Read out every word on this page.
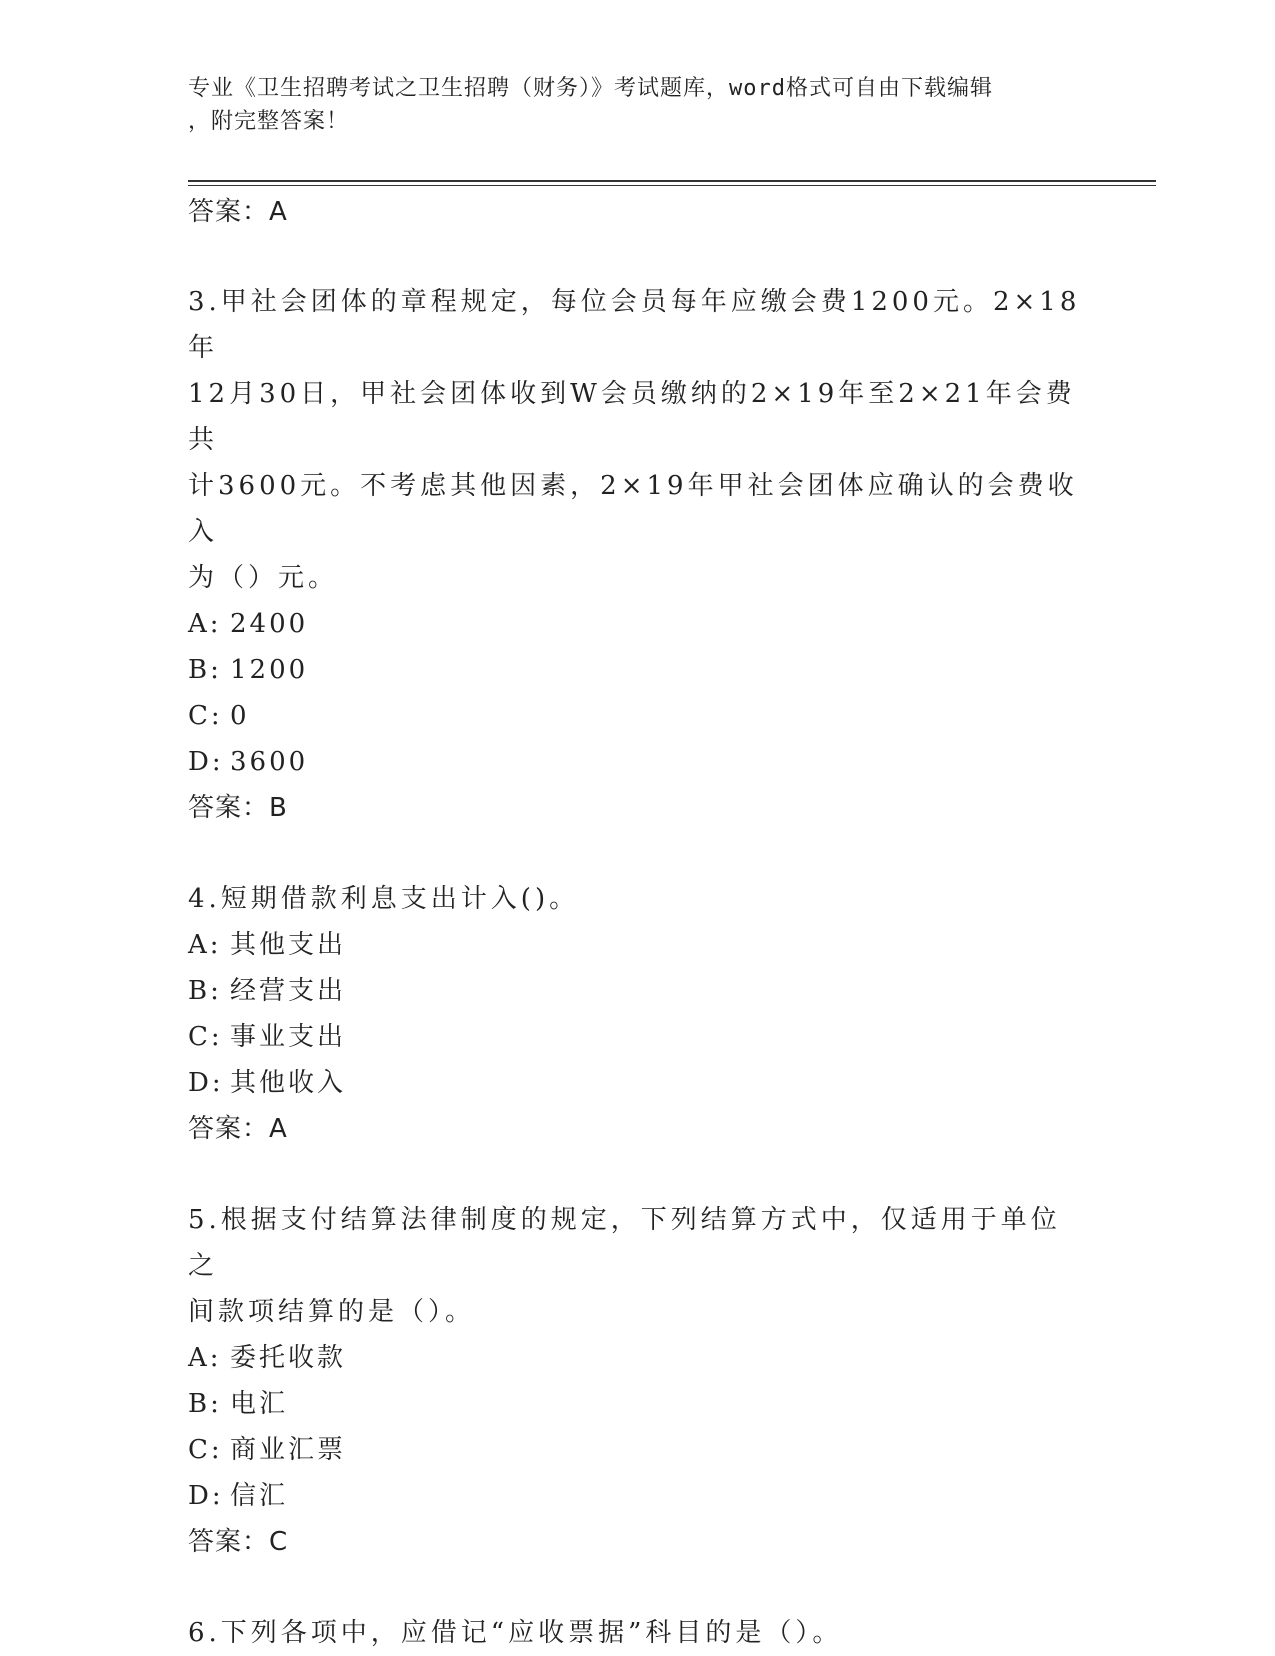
专业《卫生招聘考试之卫生招聘（财务）》考试题库，word格式可自由下载编辑
，附完整答案！
答案：A
3.甲社会团体的章程规定，每位会员每年应缴会费1200元。2×18年
12月30日，甲社会团体收到W会员缴纳的2×19年至2×21年会费共
计3600元。不考虑其他因素，2×19年甲社会团体应确认的会费收入
为（）元。
A: 2400
B: 1200
C: 0
D: 3600
答案：B
4.短期借款利息支出计入()。
A: 其他支出
B: 经营支出
C: 事业支出
D: 其他收入
答案：A
5.根据支付结算法律制度的规定，下列结算方式中，仅适用于单位之
间款项结算的是（）。
A: 委托收款
B: 电汇
C: 商业汇票
D: 信汇
答案：C
6.下列各项中，应借记“应收票据”科目的是（）。
